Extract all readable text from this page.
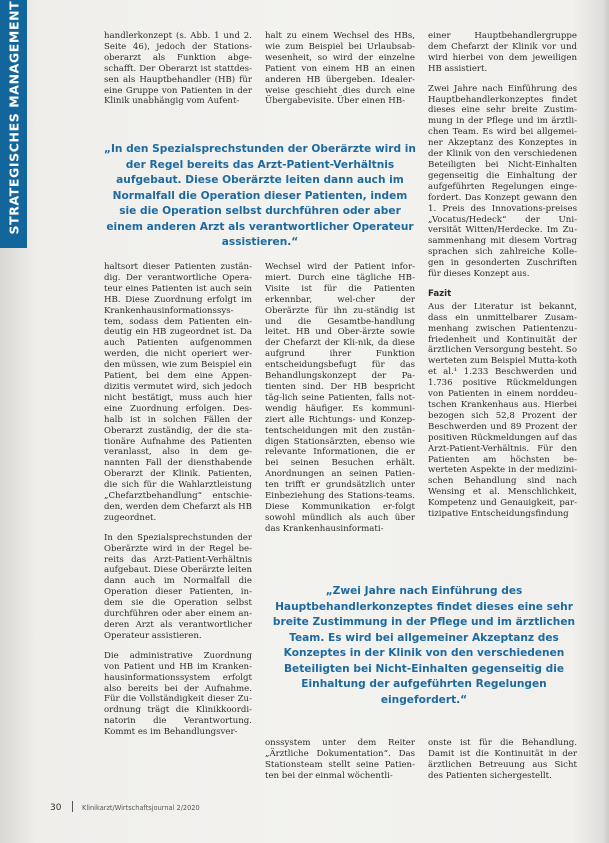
STRATEGISCHES MANAGEMENT	handlerkonzept (s. Abb. 1 und 2. Seite 46), jedoch der Stations-oberarzt als Funktion abge-schafft. Der Oberarzt ist stattdes-sen als Hauptbehandler (HB) für eine Gruppe von Patienten in der Klinik unabhängig vom Aufent-

halt zu einem Wechsel des HBs, wie zum Beispiel bei Urlaubsab-wesenheit, so wird der einzelne Patient von einem HB an einen anderen HB übergeben. Idealer-weise geschieht dies durch eine Übergabevisite. Über einen HB-

einer Hauptbehandlergruppe dem Chefarzt der Klinik vor und wird hierbei von dem jeweiligen HB assistiert.

Zwei Jahre nach Einführung des Hauptbehandlerkonzeptes findet dieses eine sehr breite Zustim-mung in der Pflege und im ärztli-chen Team. Es wird bei allgemei-ner Akzeptanz des Konzeptes in der Klinik von den verschiedenen Beteiligten bei Nicht-Einhalten gegenseitig die Einhaltung der aufgeführten Regelungen einge-fordert. Das Konzept gewann den 1. Preis des Innovations-preises „Vocatus/Hedeck“ der Uni-versität Witten/Herdecke. Im Zu-sammenhang mit diesem Vortrag sprachen sich zahlreiche Kolle-gen in gesonderten Zuschriften für dieses Konzept aus.

Fazit

Aus der Literatur ist bekannt, dass ein unmittelbarer Zusam-menhang zwischen Patientenzu-friedenheit und Kontinuität der ärztlichen Versorgung besteht. So werteten zum Beispiel Mutta-koth et al.¹ 1.233 Beschwerden und 1.736 positive Rückmeldungen von Patienten in einem norddeu-tschen Krankenhaus aus. Hierbei bezogen sich 52,8 Prozent der Beschwerden und 89 Prozent der positiven Rückmeldungen auf das Arzt-Patient-Verhältnis. Für den Patienten am höchsten be-werteten Aspekte in der medizini-schen Behandlung sind nach Wensing et al. Menschlichkeit, Kompetenz und Genauigkeit, par-tizipative Entscheidungsfindung

„In den Spezialsprechstunden der Oberärzte wird in der Regel bereits das Arzt-Patient-Verhältnis aufgebaut. Diese Oberärzte leiten dann auch im Normalfall die Operation dieser Patienten, indem sie die Operation selbst durchführen oder aber einem anderen Arzt als verantwortlicher Operateur assistieren.“

haltsort dieser Patienten zustän-dig. Der verantwortliche Opera-teur eines Patienten ist auch sein HB. Diese Zuordnung erfolgt im Krankenhausinformationssys-tem, sodass dem Patienten ein-deutig ein HB zugeordnet ist. Da auch Patienten aufgenommen werden, die nicht operiert wer-den müssen, wie zum Beispiel ein Patient, bei dem eine Appen-dizitis vermutet wird, sich jedoch nicht bestätigt, muss auch hier eine Zuordnung erfolgen. Des-halb ist in solchen Fällen der Oberarzt zuständig, der die sta-tionäre Aufnahme des Patienten veranlasst, also in dem ge-nannten Fall der diensthabende Oberarzt der Klinik. Patienten, die sich für die Wahlarztleistung „Chefarztbehandlung“ entschie-den, werden dem Chefarzt als HB zugeordnet.

In den Spezialsprechstunden der Oberärzte wird in der Regel be-reits das Arzt-Patient-Verhältnis aufgebaut. Diese Oberärzte leiten dann auch im Normalfall die Operation dieser Patienten, in-dem sie die Operation selbst durchführen oder aber einem an-deren Arzt als verantwortlicher Operateur assistieren.

Die administrative Zuordnung von Patient und HB im Kranken-hausinformationssystem erfolgt also bereits bei der Aufnahme. Für die Vollständigkeit dieser Zu-ordnung trägt die Klinikkoordi-natorin die Verantwortung. Kommt es im Behandlungsver-

Wechsel wird der Patient infor-miert. Durch eine tägliche HB-Visite ist für die Patienten erkennbar, wel-cher der Oberärzte für ihn zu-ständig ist und die Gesamtbe-handlung leitet. HB und Ober-ärzte sowie der Chefarzt der Kli-nik, da diese aufgrund ihrer Funktion entscheidungsbefugt für das Behandlungskonzept der Pa-tienten sind. Der HB bespricht täg-lich seine Patienten, falls not-wendig häufiger. Es kommuni-ziert alle Richtungs- und Konzep-tentscheidungen mit den zustän-digen Stationsärzten, ebenso wie relevante Informationen, die er bei seinen Besuchen erhält. Anordnungen an seinen Patien-ten trifft er grundsätzlich unter Einbeziehung des Stations-teams. Diese Kommunikation er-folgt sowohl mündlich als auch über das Krankenhausinformati-

„Zwei Jahre nach Einführung des Hauptbehandlerkonzeptes findet dieses eine sehr breite Zustimmung in der Pflege und im ärztlichen Team. Es wird bei allgemeiner Akzeptanz des Konzeptes in der Klinik von den verschiedenen Beteiligten bei Nicht-Einhalten gegenseitig die Einhaltung der aufgeführten Regelungen eingefordert.“

onssystem unter dem Reiter „Ärztliche Dokumentation“. Das Stationsteam stellt seine Patien-ten bei der einmal wöchentli-

onste ist für die Behandlung. Damit ist die Kontinuität in der ärztlichen Betreuung aus Sicht des Patienten sichergestellt.

30	Klinikarzt/Wirtschaftsjournal 2/2020
